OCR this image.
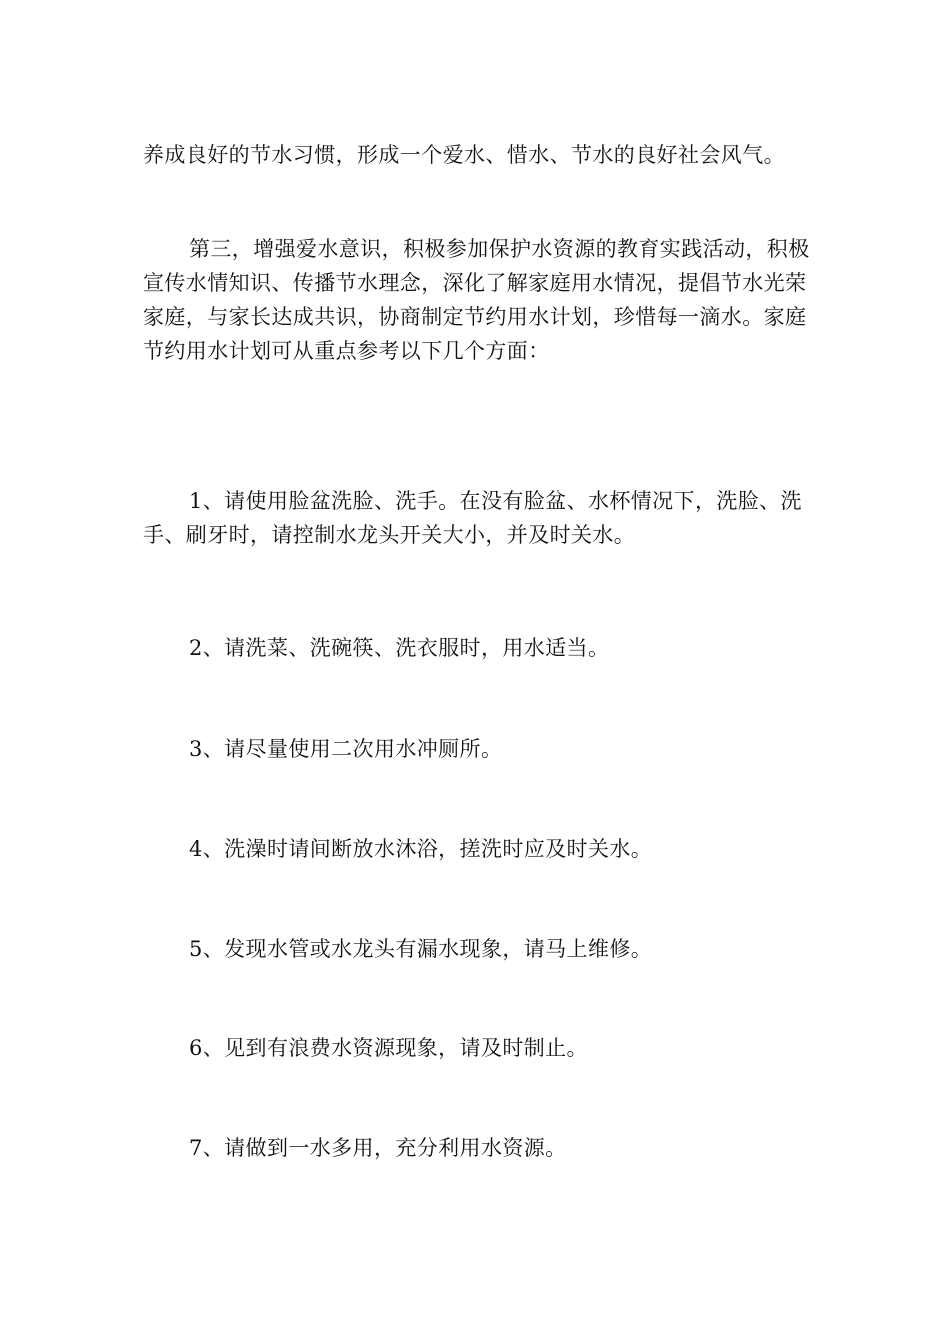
养成良好的节水习惯，形成一个爱水、惜水、节水的良好社会风气。

第三，增强爱水意识，积极参加保护水资源的教育实践活动，积极宣传水情知识、传播节水理念，深化了解家庭用水情况，提倡节水光荣家庭，与家长达成共识，协商制定节约用水计划，珍惜每一滴水。家庭节约用水计划可从重点参考以下几个方面：

1、请使用脸盆洗脸、洗手。在没有脸盆、水杯情况下，洗脸、洗手、刷牙时，请控制水龙头开关大小，并及时关水。

2、请洗菜、洗碗筷、洗衣服时，用水适当。

3、请尽量使用二次用水冲厕所。

4、洗澡时请间断放水沐浴，搓洗时应及时关水。

5、发现水管或水龙头有漏水现象，请马上维修。

6、见到有浪费水资源现象，请及时制止。

7、请做到一水多用，充分利用水资源。
